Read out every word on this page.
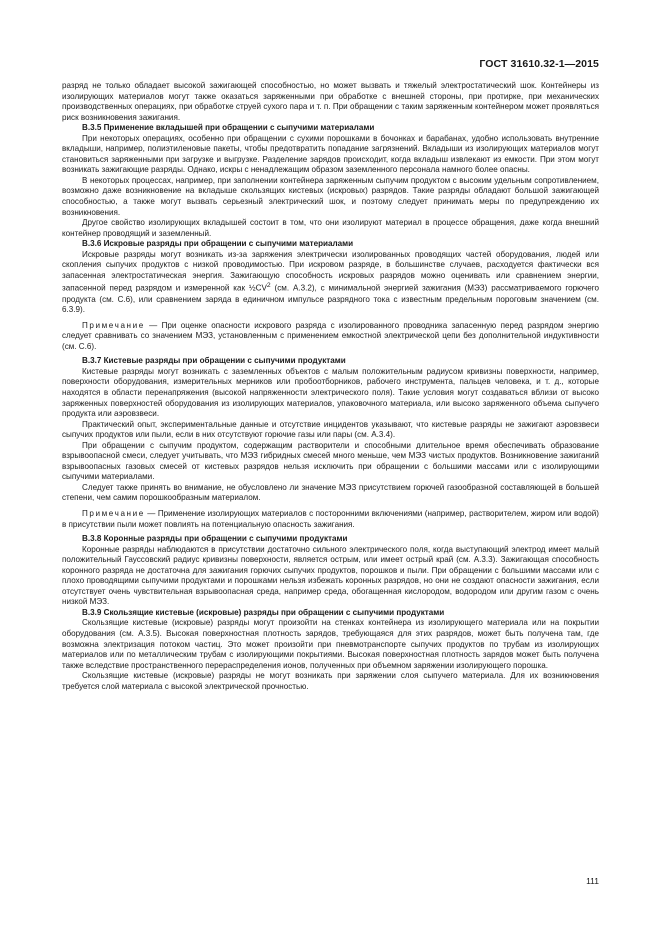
ГОСТ 31610.32-1—2015

разряд не только обладает высокой зажигающей способностью, но может вызвать и тяжелый электростатический шок. Контейнеры из изолирующих материалов могут также оказаться заряженными при обработке с внешней стороны, при протирке, при механических производственных операциях, при обработке струей сухого пара и т. п. При обращении с таким заряженным контейнером может проявляться риск возникновения зажигания.

B.3.5 Применение вкладышей при обращении с сыпучими материалами

При некоторых операциях, особенно при обращении с сухими порошками в бочонках и барабанах, удобно использовать внутренние вкладыши, например, полиэтиленовые пакеты, чтобы предотвратить попадание загрязнений. Вкладыши из изолирующих материалов могут становиться заряженными при загрузке и выгрузке. Разделение зарядов происходит, когда вкладыш извлекают из емкости. При этом могут возникать зажигающие разряды. Однако, искры с ненадлежащим образом заземленного персонала намного более опасны.

В некоторых процессах, например, при заполнении контейнера заряженным сыпучим продуктом с высоким удельным сопротивлением, возможно даже возникновение на вкладыше скользящих кистевых (искровых) разрядов. Такие разряды обладают большой зажигающей способностью, а также могут вызвать серьезный электрический шок, и поэтому следует принимать меры по предупреждению их возникновения.

Другое свойство изолирующих вкладышей состоит в том, что они изолируют материал в процессе обращения, даже когда внешний контейнер проводящий и заземленный.

B.3.6 Искровые разряды при обращении с сыпучими материалами

Искровые разряды могут возникать из-за заряжения электрически изолированных проводящих частей оборудования, людей или скопления сыпучих продуктов с низкой проводимостью. При искровом разряде, в большинстве случаев, расходуется фактически вся запасенная электростатическая энергия. Зажигающую способность искровых разрядов можно оценивать или сравнением энергии, запасенной перед разрядом и измеренной как $\frac{1}{2}CV^2$ (см. А.3.2), с минимальной энергией зажигания (МЭЗ) рассматриваемого горючего продукта (см. С.6), или сравнением заряда в единичном импульсе разрядного тока с известным предельным пороговым значением (см. 6.3.9).

Примечание — При оценке опасности искрового разряда с изолированного проводника запасенную перед разрядом энергию следует сравнивать со значением МЭЗ, установленным с применением емкостной электрической цепи без дополнительной индуктивности (см. С.6).

B.3.7 Кистевые разряды при обращении с сыпучими продуктами

Кистевые разряды могут возникать с заземленных объектов с малым положительным радиусом кривизны поверхности, например, поверхности оборудования, измерительных мерников или пробоотборников, рабочего инструмента, пальцев человека, и т. д., которые находятся в области перенапряжения (высокой напряженности электрического поля). Такие условия могут создаваться вблизи от высоко заряженных поверхностей оборудования из изолирующих материалов, упаковочного материала, или высоко заряженного объема сыпучего продукта или аэровзвеси.

Практический опыт, экспериментальные данные и отсутствие инцидентов указывают, что кистевые разряды не зажигают аэровзвеси сыпучих продуктов или пыли, если в них отсутствуют горючие газы или пары (см. А.3.4).

При обращении с сыпучим продуктом, содержащим растворители и способными длительное время обеспечивать образование взрывоопасной смеси, следует учитывать, что МЭЗ гибридных смесей много меньше, чем МЭЗ чистых продуктов. Возникновение зажиганий взрывоопасных газовых смесей от кистевых разрядов нельзя исключить при обращении с большими массами или с изолирующими сыпучими материалами.

Следует также принять во внимание, не обусловлено ли значение МЭЗ присутствием горючей газообразной составляющей в большей степени, чем самим порошкообразным материалом.

Примечание — Применение изолирующих материалов с посторонними включениями (например, растворителем, жиром или водой) в присутствии пыли может повлиять на потенциальную опасность зажигания.

B.3.8 Коронные разряды при обращении с сыпучими продуктами

Коронные разряды наблюдаются в присутствии достаточно сильного электрического поля, когда выступающий электрод имеет малый положительный Гауссовский радиус кривизны поверхности, является острым, или имеет острый край (см. А.3.3). Зажигающая способность коронного разряда не достаточна для зажигания горючих сыпучих продуктов, порошков и пыли. При обращении с большими массами или с плохо проводящими сыпучими продуктами и порошками нельзя избежать коронных разрядов, но они не создают опасности зажигания, если отсутствует очень чувствительная взрывоопасная среда, например среда, обогащенная кислородом, водородом или другим газом с очень низкой МЭЗ.

B.3.9 Скользящие кистевые (искровые) разряды при обращении с сыпучими продуктами

Скользящие кистевые (искровые) разряды могут произойти на стенках контейнера из изолирующего материала или на покрытии оборудования (см. А.3.5). Высокая поверхностная плотность зарядов, требующаяся для этих разрядов, может быть получена там, где возможна электризация потоком частиц. Это может произойти при пневмотранспорте сыпучих продуктов по трубам из изолирующих материалов или по металлическим трубам с изолирующими покрытиями. Высокая поверхностная плотность зарядов может быть получена также вследствие пространственного перераспределения ионов, полученных при объемном заряжении изолирующего порошка.

Скользящие кистевые (искровые) разряды не могут возникать при заряжении слоя сыпучего материала. Для их возникновения требуется слой материала с высокой электрической прочностью.

111
